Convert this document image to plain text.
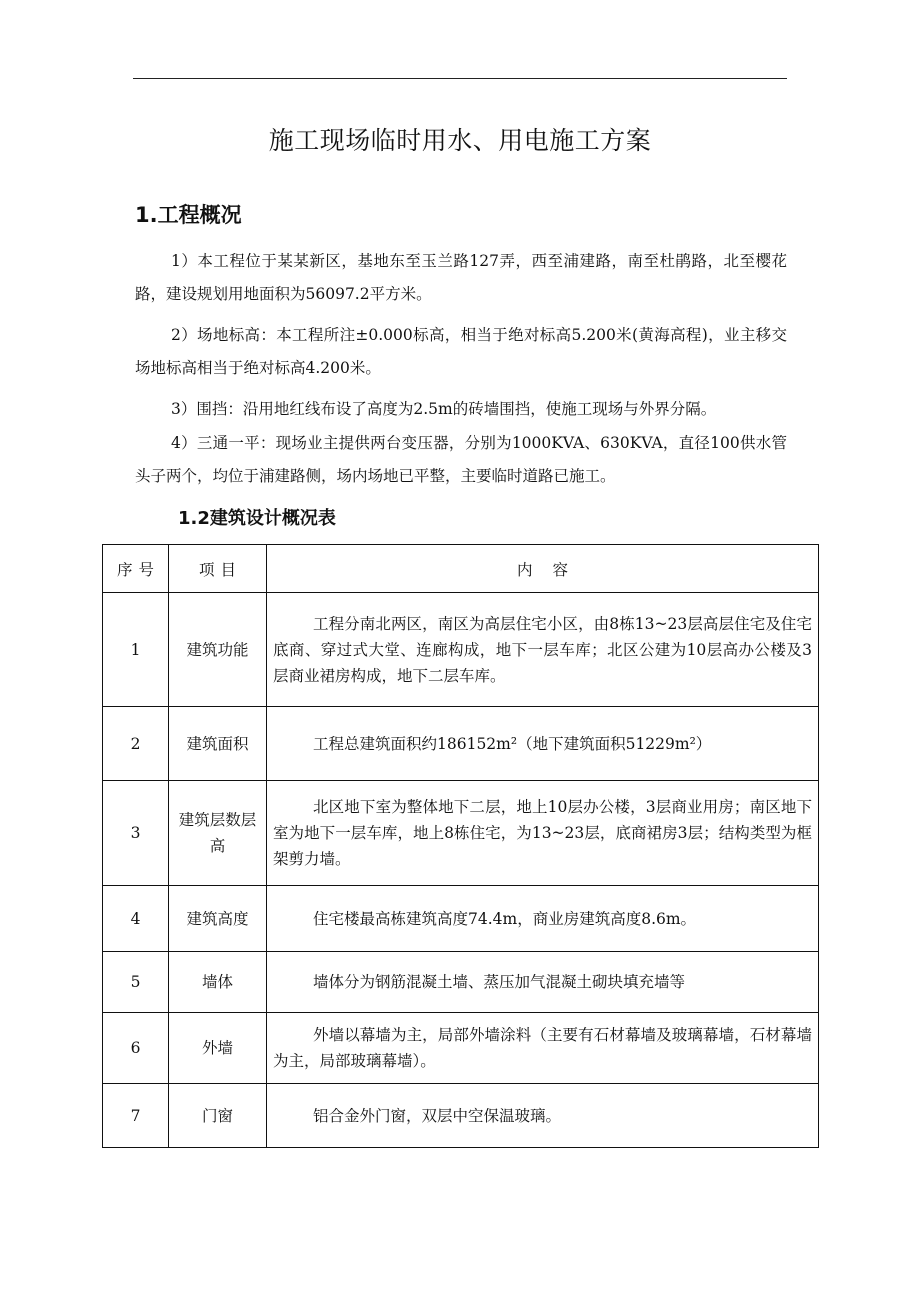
施工现场临时用水、用电施工方案
1.工程概况

1）本工程位于某某新区，基地东至玉兰路127弄，西至浦建路，南至杜鹃路，北至樱花路，建设规划用地面积为56097.2平方米。

2）场地标高：本工程所注±0.000标高，相当于绝对标高5.200米(黄海高程)，业主移交场地标高相当于绝对标高4.200米。

3）围挡：沿用地红线布设了高度为2.5m的砖墙围挡，使施工现场与外界分隔。

4）三通一平：现场业主提供两台变压器，分别为1000KVA、630KVA，直径100供水管头子两个，均位于浦建路侧，场内场地已平整，主要临时道路已施工。

1.2建筑设计概况表
序号	项目	内容
1	建筑功能	工程分南北两区，南区为高层住宅小区，由8栋13~23层高层住宅及住宅底商、穿过式大堂、连廊构成，地下一层车库；北区公建为10层高办公楼及3层商业裙房构成，地下二层车库。

2	建筑面积	工程总建筑面积约186152m²（地下建筑面积51229m²）

3	建筑层数层高	北区地下室为整体地下二层，地上10层办公楼，3层商业用房；南区地下室为地下一层车库，地上8栋住宅，为13~23层，底商裙房3层；结构类型为框架剪力墙。

4	建筑高度	住宅楼最高栋建筑高度74.4m，商业房建筑高度8.6m。

5	墙体	墙体分为钢筋混凝土墙、蒸压加气混凝土砌块填充墙等

6	外墙	外墙以幕墙为主，局部外墙涂料（主要有石材幕墙及玻璃幕墙，石材幕墙为主，局部玻璃幕墙）。

7	门窗	铝合金外门窗，双层中空保温玻璃。
